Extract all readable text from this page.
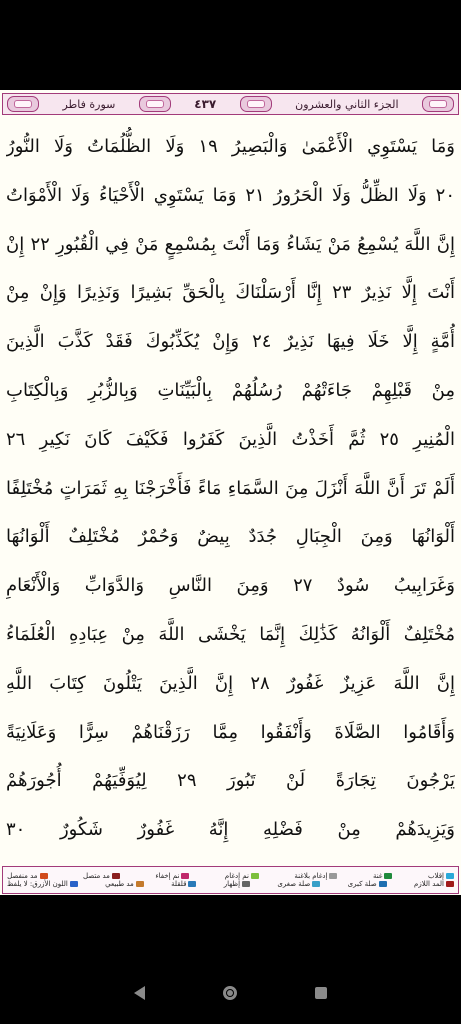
الجزء الثاني والعشرون
٤٣٧
سورة فاطر
وَمَا يَسْتَوِي الْأَعْمَىٰ وَالْبَصِيرُ ١٩ وَلَا الظُّلُمَاتُ وَلَا النُّورُ
٢٠ وَلَا الظِّلُّ وَلَا الْحَرُورُ ٢١ وَمَا يَسْتَوِي الْأَحْيَاءُ وَلَا الْأَمْوَاتُ
إِنَّ اللَّهَ يُسْمِعُ مَنْ يَشَاءُ وَمَا أَنْتَ بِمُسْمِعٍ مَنْ فِي الْقُبُورِ ٢٢ إِنْ
أَنْتَ إِلَّا نَذِيرٌ ٢٣ إِنَّا أَرْسَلْنَاكَ بِالْحَقِّ بَشِيرًا وَنَذِيرًا وَإِنْ مِنْ
أُمَّةٍ إِلَّا خَلَا فِيهَا نَذِيرٌ ٢٤ وَإِنْ يُكَذِّبُوكَ فَقَدْ كَذَّبَ الَّذِينَ
مِنْ قَبْلِهِمْ جَاءَتْهُمْ رُسُلُهُمْ بِالْبَيِّنَاتِ وَبِالزُّبُرِ وَبِالْكِتَابِ
الْمُنِيرِ ٢٥ ثُمَّ أَخَذْتُ الَّذِينَ كَفَرُوا فَكَيْفَ كَانَ نَكِيرِ ٢٦
أَلَمْ تَرَ أَنَّ اللَّهَ أَنْزَلَ مِنَ السَّمَاءِ مَاءً فَأَخْرَجْنَا بِهِ ثَمَرَاتٍ مُخْتَلِفًا
أَلْوَانُهَا وَمِنَ الْجِبَالِ جُدَدٌ بِيضٌ وَحُمْرٌ مُخْتَلِفٌ أَلْوَانُهَا
وَغَرَابِيبُ سُودٌ ٢٧ وَمِنَ النَّاسِ وَالدَّوَابِّ وَالْأَنْعَامِ
مُخْتَلِفٌ أَلْوَانُهُ كَذَٰلِكَ إِنَّمَا يَخْشَى اللَّهَ مِنْ عِبَادِهِ الْعُلَمَاءُ
إِنَّ اللَّهَ عَزِيزٌ غَفُورٌ ٢٨ إِنَّ الَّذِينَ يَتْلُونَ كِتَابَ اللَّهِ
وَأَقَامُوا الصَّلَاةَ وَأَنْفَقُوا مِمَّا رَزَقْنَاهُمْ سِرًّا وَعَلَانِيَةً
يَرْجُونَ تِجَارَةً لَنْ تَبُورَ ٢٩ لِيُوَفِّيَهُمْ أُجُورَهُمْ
وَيَزِيدَهُمْ مِنْ فَضْلِهِ إِنَّهُ غَفُورٌ شَكُورٌ ٣٠
إقلاب
غنة
إدغام بلاغنة
نم إدغام
نم إخفاء
مد متصل
مد منفصل
المد اللازم
صلة كبرى
صلة صغرى
إظهار
قلقلة
مد طبيعي
اللون الأزرق: لا يلفظ
